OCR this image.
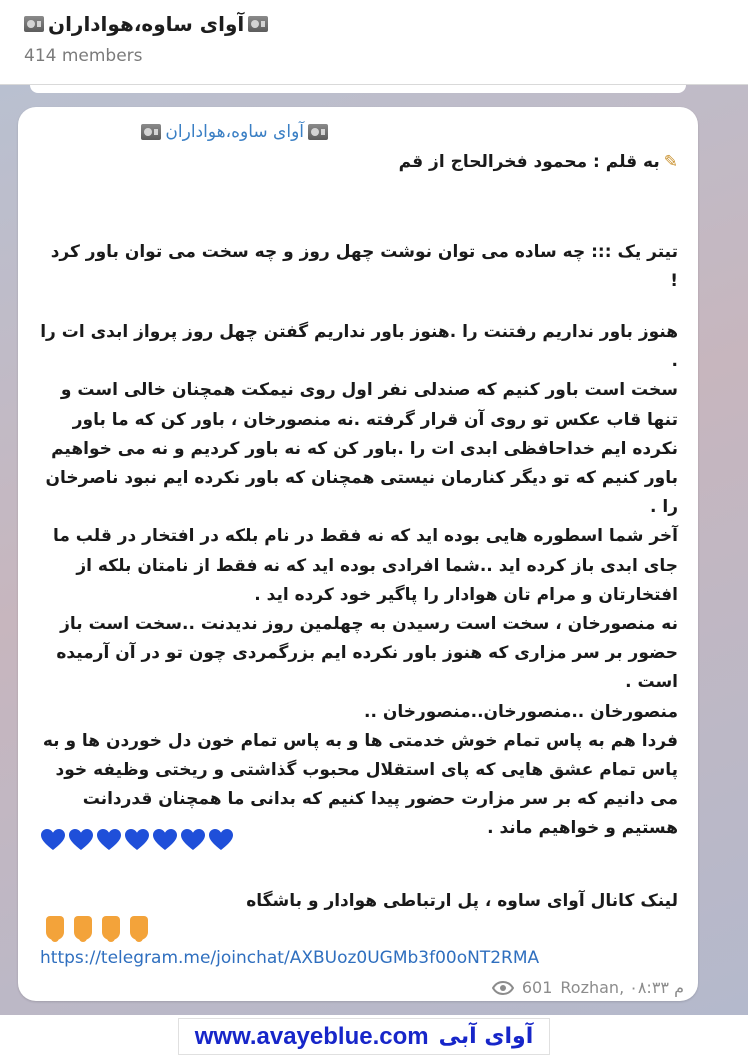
آوای ساوه،هواداران
414 members
آوای ساوه،هواداران
✎به قلم : محمود فخرالحاج از قم
تیتر یک ::: چه ساده می توان نوشت چهل روز و چه سخت می توان باور کرد !

هنوز باور نداریم رفتنت را .هنوز باور نداریم گفتن چهل روز پرواز ابدی ات را .

سخت است باور کنیم که صندلی نفر اول روی نیمکت همچنان خالی است و تنها قاب عکس تو روی آن قرار گرفته .نه منصورخان ، باور کن که ما باور نکرده ایم خداحافظی ابدی ات را .باور کن که نه باور کردیم و نه می خواهیم باور کنیم که تو دیگر کنارمان نیستی همچنان که باور نکرده ایم نبود ناصرخان را .

آخر شما اسطوره هایی بوده اید که نه فقط در نام بلکه در افتخار در قلب ما جای ابدی باز کرده اید ..شما افرادی بوده اید که نه فقط از نامتان بلکه از افتخارتان و مرام تان هوادار را پاگیر خود کرده اید .

نه منصورخان ، سخت است رسیدن به چهلمین روز ندیدنت ..سخت است باز حضور بر سر مزاری که هنوز باور نکرده ایم بزرگمردی چون تو در آن آرمیده است .

منصورخان ..منصورخان..منصورخان ..

فردا هم به پاس تمام خوش خدمتی ها و به پاس تمام خون دل خوردن ها و به پاس تمام عشق هایی که پای استقلال محبوب گذاشتی و ریختی وظیفه خود می دانیم که بر سر مزارت حضور پیدا کنیم که بدانی ما همچنان قدردانت هستیم و خواهیم ماند .

لینک کانال آوای ساوه ، پل ارتباطی هوادار و باشگاه
https://telegram.me/joinchat/AXBUoz0UGMb3f00oNT2RMA
601 Rozhan, ۰۸:۳۳ م
www.avayeblue.com آوای آبی
